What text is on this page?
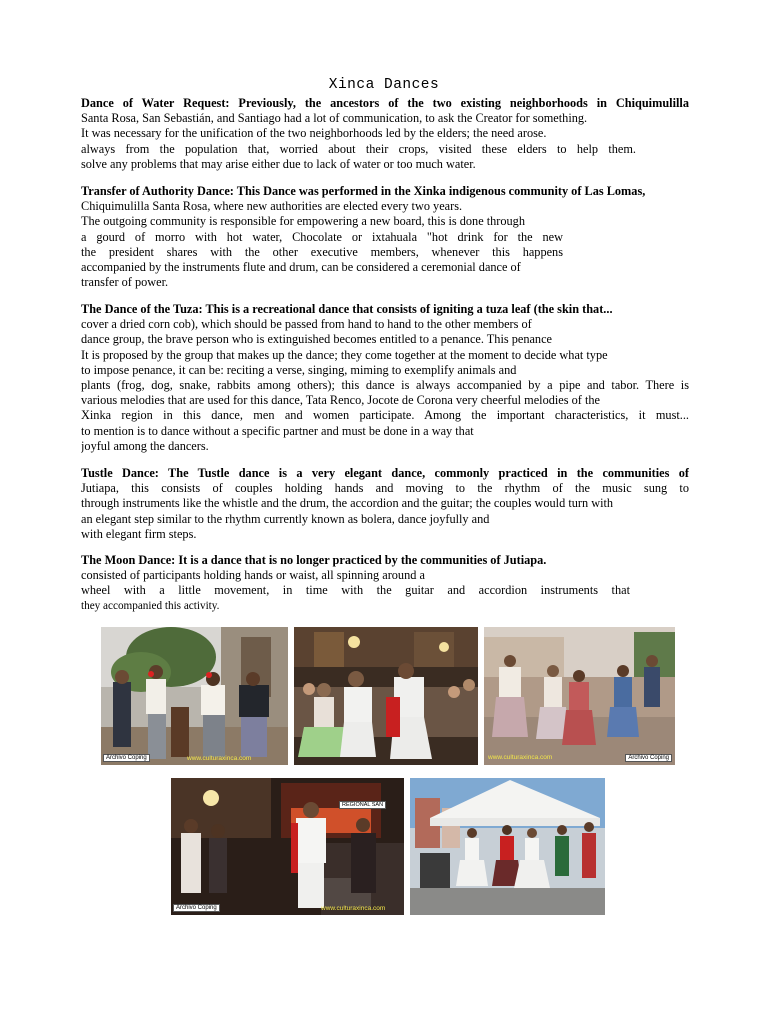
Xinca Dances
Dance of Water Request: Previously, the ancestors of the two existing neighborhoods in Chiquimulilla
Santa Rosa, San Sebastián, and Santiago had a lot of communication, to ask the Creator for something.
It was necessary for the unification of the two neighborhoods led by the elders; the need arose.
always from the population that, worried about their crops, visited these elders to help them.
solve any problems that may arise either due to lack of water or too much water.
Transfer of Authority Dance: This Dance was performed in the Xinka indigenous community of Las Lomas,
Chiquimulilla Santa Rosa, where new authorities are elected every two years.
The outgoing community is responsible for empowering a new board, this is done through
a gourd of morro with hot water, Chocolate or ixtahuala "hot drink for the new
the president shares with the other executive members, whenever this happens
accompanied by the instruments flute and drum, can be considered a ceremonial dance of
transfer of power.
The Dance of the Tuza: This is a recreational dance that consists of igniting a tuza leaf (the skin that...
cover a dried corn cob), which should be passed from hand to hand to the other members of
dance group, the brave person who is extinguished becomes entitled to a penance. This penance
It is proposed by the group that makes up the dance; they come together at the moment to decide what type
to impose penance, it can be: reciting a verse, singing, miming to exemplify animals and
plants (frog, dog, snake, rabbits among others); this dance is always accompanied by a pipe and tabor. There is
various melodies that are used for this dance, Tata Renco, Jocote de Corona very cheerful melodies of the
Xinka region in this dance, men and women participate. Among the important characteristics, it must...
to mention is to dance without a specific partner and must be done in a way that
joyful among the dancers.
Tustle Dance: The Tustle dance is a very elegant dance, commonly practiced in the communities of
Jutiapa, this consists of couples holding hands and moving to the rhythm of the music sung to
through instruments like the whistle and the drum, the accordion and the guitar; the couples would turn with
an elegant step similar to the rhythm currently known as bolera, dance joyfully and
with elegant firm steps.
The Moon Dance: It is a dance that is no longer practiced by the communities of Jutiapa.
consisted of participants holding hands or waist, all spinning around a
wheel with a little movement, in time with the guitar and accordion instruments that
they accompanied this activity.
Archivo Coping	www.culturaxinca.com	www.culturaxinca.com	Archivo Coping
REGIONAL SAN
Archivo Coping	www.culturaxinca.com
